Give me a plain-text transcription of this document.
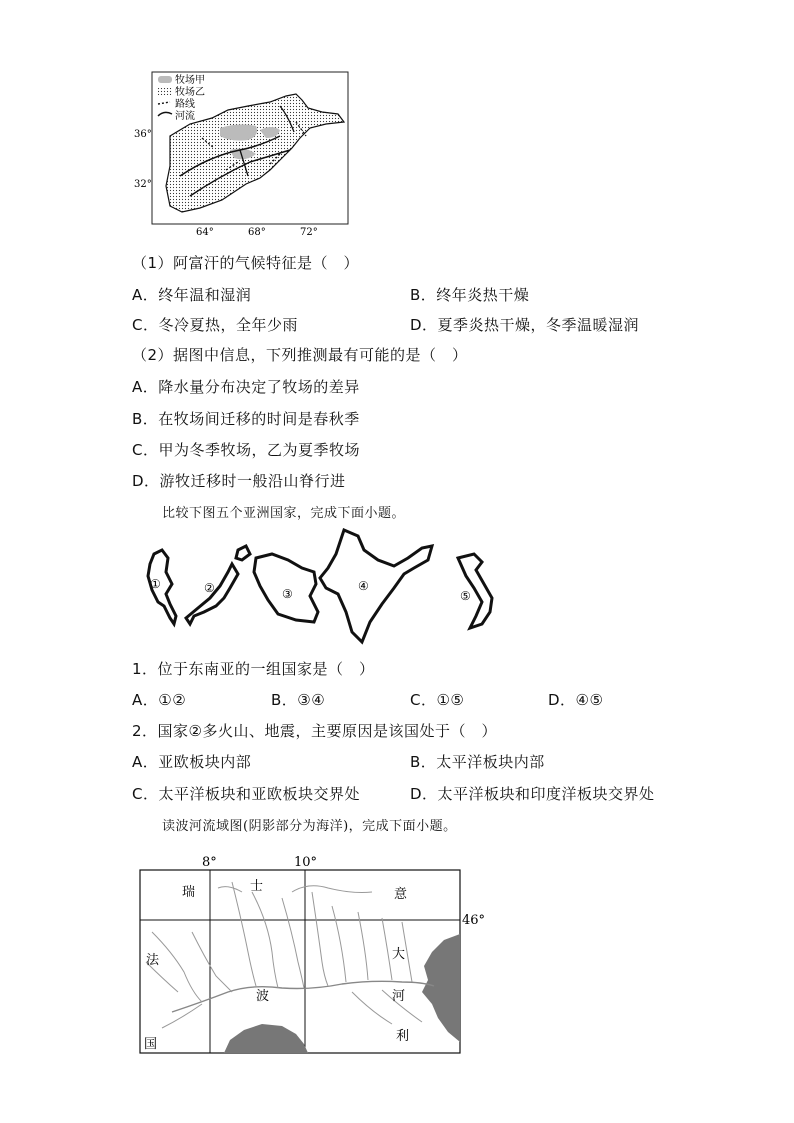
牧场甲
牧场乙
路线
河流
36°
32°
64°	68°	72°
（1）阿富汗的气候特征是（　）
A．终年温和湿润	B．终年炎热干燥
C．冬冷夏热，全年少雨	D．夏季炎热干燥，冬季温暖湿润
（2）据图中信息，下列推测最有可能的是（　）
A．降水量分布决定了牧场的差异
B．在牧场间迁移的时间是春秋季
C．甲为冬季牧场，乙为夏季牧场
D．游牧迁移时一般沿山脊行进
比较下图五个亚洲国家，完成下面小题。
①	②	③
④
⑤
1．位于东南亚的一组国家是（　）
A．①②	B．③④	C．①⑤	D．④⑤
2．国家②多火山、地震，主要原因是该国处于（　）
A．亚欧板块内部	B．太平洋板块内部
C．太平洋板块和亚欧板块交界处	D．太平洋板块和印度洋板块交界处
读波河流域图(阴影部分为海洋)，完成下面小题。
8°	10°
46°
瑞	士
意
大
法
波	河
利
国
